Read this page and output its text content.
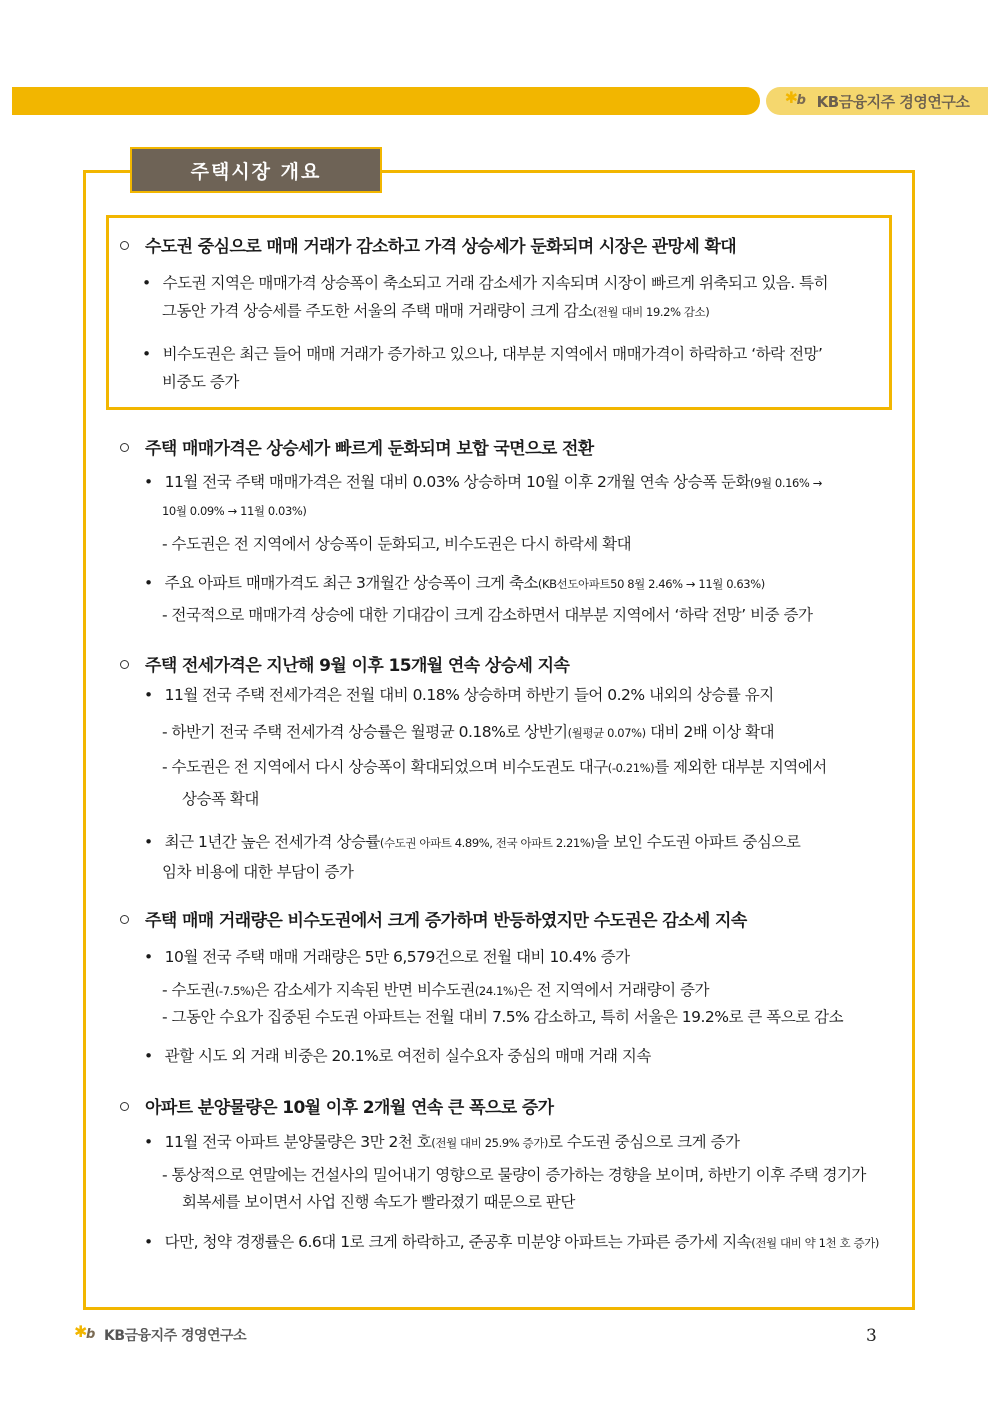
✱
b KB금융지주 경영연구소
주택시장 개요
수도권 중심으로 매매 거래가 감소하고 가격 상승세가 둔화되며 시장은 관망세 확대
• 수도권 지역은 매매가격 상승폭이 축소되고 거래 감소세가 지속되며 시장이 빠르게 위축되고 있음. 특히
그동안 가격 상승세를 주도한 서울의 주택 매매 거래량이 크게 감소(전월 대비 19.2% 감소)
• 비수도권은 최근 들어 매매 거래가 증가하고 있으나, 대부분 지역에서 매매가격이 하락하고 ‘하락 전망’
비중도 증가
주택 매매가격은 상승세가 빠르게 둔화되며 보합 국면으로 전환
• 11월 전국 주택 매매가격은 전월 대비 0.03% 상승하며 10월 이후 2개월 연속 상승폭 둔화(9월 0.16% →
10월 0.09% → 11월 0.03%)
- 수도권은 전 지역에서 상승폭이 둔화되고, 비수도권은 다시 하락세 확대
• 주요 아파트 매매가격도 최근 3개월간 상승폭이 크게 축소(KB선도아파트50 8월 2.46% → 11월 0.63%)
- 전국적으로 매매가격 상승에 대한 기대감이 크게 감소하면서 대부분 지역에서 ‘하락 전망’ 비중 증가
주택 전세가격은 지난해 9월 이후 15개월 연속 상승세 지속
• 11월 전국 주택 전세가격은 전월 대비 0.18% 상승하며 하반기 들어 0.2% 내외의 상승률 유지
- 하반기 전국 주택 전세가격 상승률은 월평균 0.18%로 상반기(월평균 0.07%) 대비 2배 이상 확대
- 수도권은 전 지역에서 다시 상승폭이 확대되었으며 비수도권도 대구(-0.21%)를 제외한 대부분 지역에서
상승폭 확대
• 최근 1년간 높은 전세가격 상승률(수도권 아파트 4.89%, 전국 아파트 2.21%)을 보인 수도권 아파트 중심으로
임차 비용에 대한 부담이 증가
주택 매매 거래량은 비수도권에서 크게 증가하며 반등하였지만 수도권은 감소세 지속
• 10월 전국 주택 매매 거래량은 5만 6,579건으로 전월 대비 10.4% 증가
- 수도권(-7.5%)은 감소세가 지속된 반면 비수도권(24.1%)은 전 지역에서 거래량이 증가
- 그동안 수요가 집중된 수도권 아파트는 전월 대비 7.5% 감소하고, 특히 서울은 19.2%로 큰 폭으로 감소
• 관할 시도 외 거래 비중은 20.1%로 여전히 실수요자 중심의 매매 거래 지속
아파트 분양물량은 10월 이후 2개월 연속 큰 폭으로 증가
• 11월 전국 아파트 분양물량은 3만 2천 호(전월 대비 25.9% 증가)로 수도권 중심으로 크게 증가
- 통상적으로 연말에는 건설사의 밀어내기 영향으로 물량이 증가하는 경향을 보이며, 하반기 이후 주택 경기가
회복세를 보이면서 사업 진행 속도가 빨라졌기 때문으로 판단
• 다만, 청약 경쟁률은 6.6대 1로 크게 하락하고, 준공후 미분양 아파트는 가파른 증가세 지속(전월 대비 약 1천 호 증가)
✱
b KB금융지주 경영연구소	3
